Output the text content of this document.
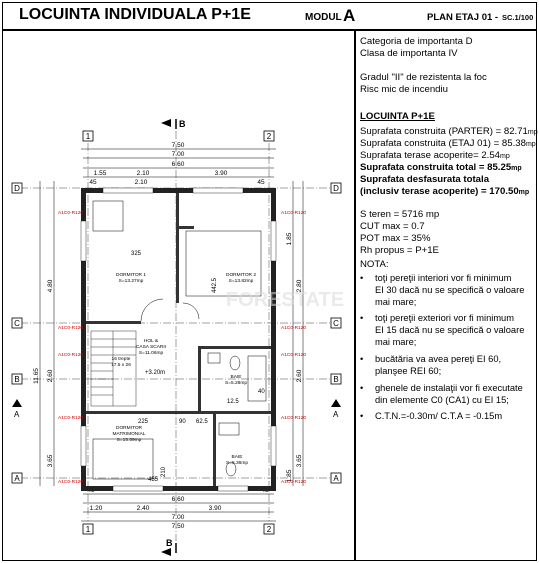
LOCUINTA INDIVIDUALA P+1E	MODUL A	PLAN ETAJ 01 - SC.1/100
1	2
1	2
D
C
B
A
D
C
B
A
B
B
A	A
7.50
7.00
6.60
1.55	2.10	3.90
45	2.10	45
6.60
1.20	2.40	3.90
7.00
7.50
11.65
4.80
2.60
3.65
1.85
2.80
2.60
3.65
1.85
A1C0-R120
A1C0-R120
A1C0-R120
A1C0-R120
A1C0-R120
A1C0-R120
A1C0-R120
A1C0-R120
A1C0-R120
A1C0-R120
DORMITOR 1
S=13.27mp
DORMITOR 2
S=13.82mp
HOL &
CASA SCARII
S=11.06mp
BAIE
S=5.28mp
DORMITOR
MATRIMONIAL
S=15.59mp
BAIE
S=5.36mp
16 trepte
17.5 x 26
+3.20m
325
442.5
225	90 62.5
455
40
12.5
210
FORESTATE
Categoria de importanta D
Clasa de importanta IV
Gradul "II" de rezistenta la foc
Risc mic de incendiu
LOCUINTA P+1E
Suprafata construita (PARTER) = 82.71mp
Suprafata construita (ETAJ 01) = 85.38mp
Suprafata terase acoperite= 2.54mp
Suprafata construita total = 85.25mp
Suprafata desfasurata totala
(inclusiv terase acoperite) = 170.50mp
S teren = 5716 mp
CUT max = 0.7
POT max = 35%
Rh propus = P+1E
NOTA:
• toţi pereţii interiori vor fi minimum
EI 30 dacă nu se specifică o valoare
mai mare;
• toţi pereţii exteriori vor fi minimum
EI 15 dacă nu se specifică o valoare
mai mare;
• bucătăria va avea pereţi EI 60,
planşee REI 60;
• ghenele de instalaţii vor fi executate
din elemente C0 (CA1) cu EI 15;
• C.T.N.=-0.30m/ C.T.A = -0.15m
